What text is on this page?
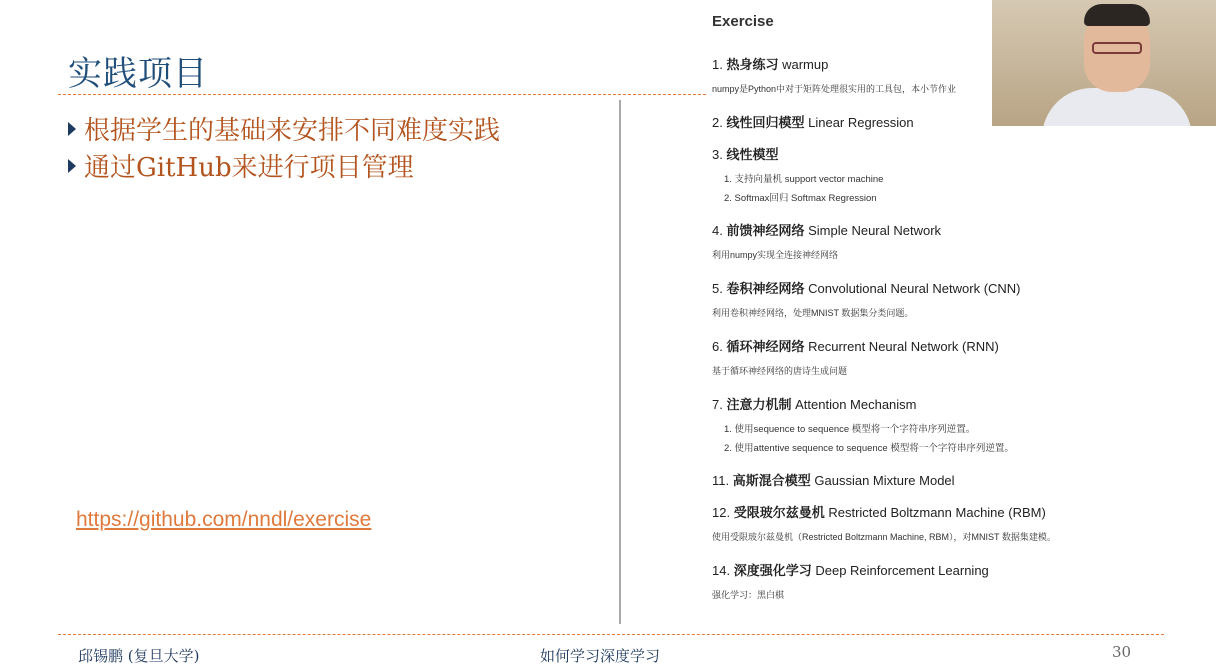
实践项目
根据学生的基础来安排不同难度实践
通过GitHub来进行项目管理
https://github.com/nndl/exercise
Exercise
1. 热身练习 warmup
numpy是Python中对于矩阵处理很实用的工具包，本小节作业
2. 线性回归模型 Linear Regression
3. 线性模型
1. 支持向量机 support vector machine
2. Softmax回归 Softmax Regression
4. 前馈神经网络 Simple Neural Network
利用numpy实现全连接神经网络
5. 卷积神经网络 Convolutional Neural Network (CNN)
利用卷积神经网络，处理MNIST 数据集分类问题。
6. 循环神经网络 Recurrent Neural Network (RNN)
基于循环神经网络的唐诗生成问题
7. 注意力机制 Attention Mechanism
1. 使用sequence to sequence 模型将一个字符串序列逆置。
2. 使用attentive sequence to sequence 模型将一个字符串序列逆置。
11. 高斯混合模型 Gaussian Mixture Model
12. 受限玻尔兹曼机 Restricted Boltzmann Machine (RBM)
使用受限玻尔兹曼机（Restricted Boltzmann Machine, RBM），对MNIST 数据集建模。
14. 深度强化学习 Deep Reinforcement Learning
强化学习：黑白棋
邱锡鹏 (复旦大学)	如何学习深度学习	30
